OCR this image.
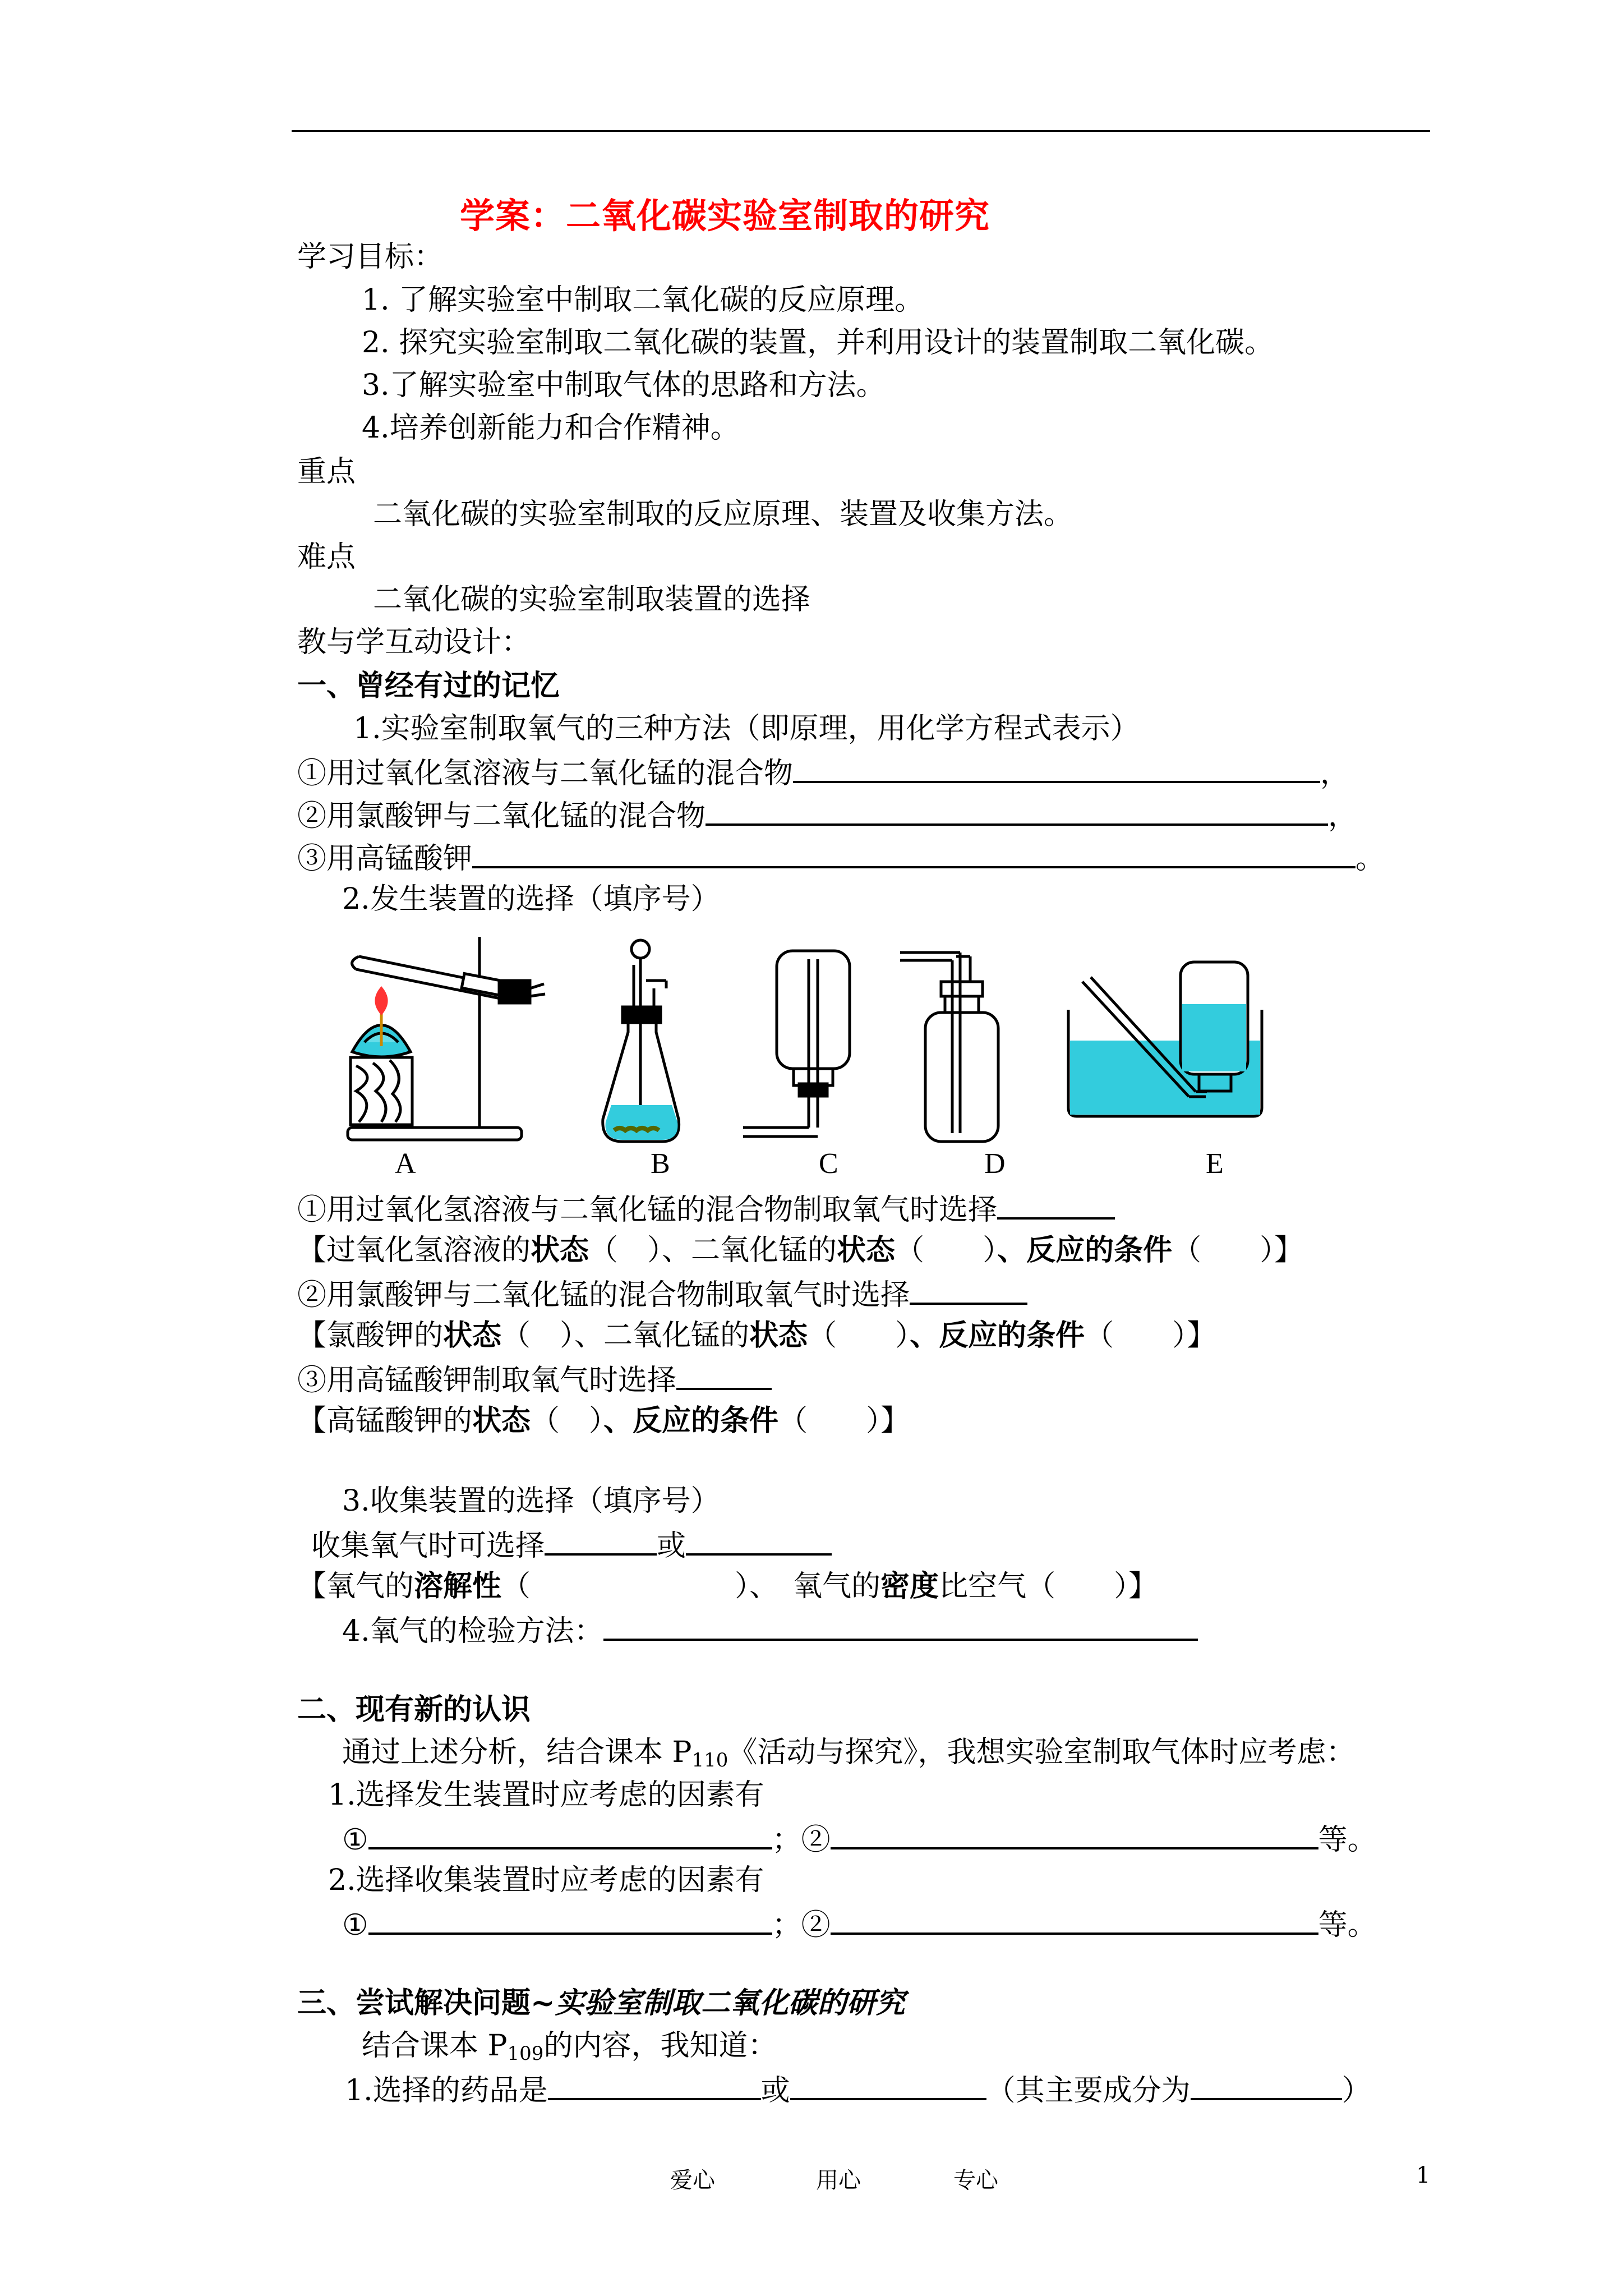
学案：二氧化碳实验室制取的研究
学习目标：
1. 了解实验室中制取二氧化碳的反应原理。
2. 探究实验室制取二氧化碳的装置，并利用设计的装置制取二氧化碳。
3.了解实验室中制取气体的思路和方法。
4.培养创新能力和合作精神。
重点
二氧化碳的实验室制取的反应原理、装置及收集方法。
难点
二氧化碳的实验室制取装置的选择
教与学互动设计：
一、曾经有过的记忆
1.实验室制取氧气的三种方法（即原理，用化学方程式表示）
①用过氧化氢溶液与二氧化锰的混合物	，
②用氯酸钾与二氧化锰的混合物	，
③用高锰酸钾	。
2.发生装置的选择（填序号）
A	B	C	D	E
①用过氧化氢溶液与二氧化锰的混合物制取氧气时选择
【过氧化氢溶液的状态（　）、二氧化锰的状态（　　）、反应的条件（　　）】
②用氯酸钾与二氧化锰的混合物制取氧气时选择
【氯酸钾的状态（　）、二氧化锰的状态（　　）、反应的条件（　　）】
③用高锰酸钾制取氧气时选择
【高锰酸钾的状态（　）、反应的条件（　　）】
3.收集装置的选择（填序号）
收集氧气时可选择	或
【氧气的溶解性（　　　　　　　）、　氧气的密度比空气（　　）】
4.氧气的检验方法：
二、现有新的认识
通过上述分析，结合课本 $P_{110}$《活动与探究》，我想实验室制取气体时应考虑：
1.选择发生装置时应考虑的因素有
①	；②	等。
2.选择收集装置时应考虑的因素有
①	；②	等。
三、尝试解决问题~实验室制取二氧化碳的研究
结合课本 $P_{109}$的内容，我知道：
1.选择的药品是	或	（其主要成分为	）
爱心	用心	专心	1
